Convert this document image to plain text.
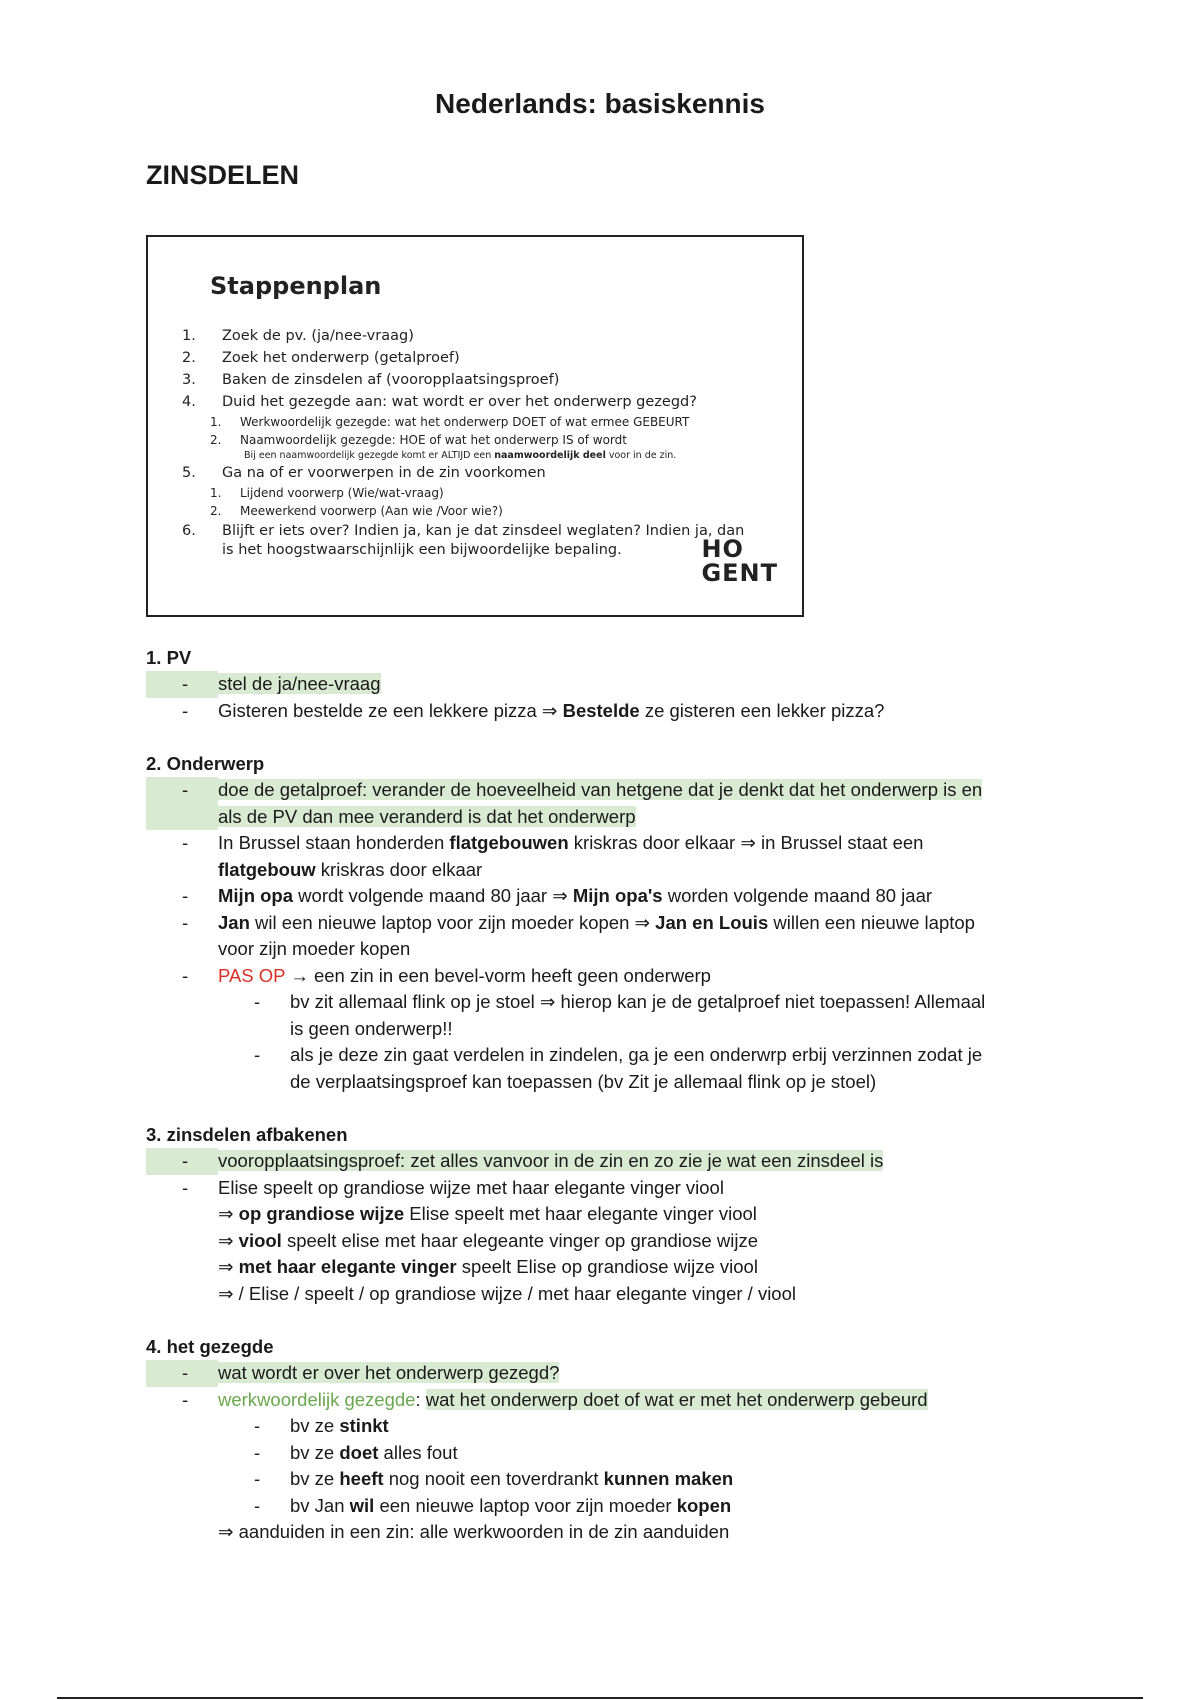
Nederlands: basiskennis
ZINSDELEN
Stappenplan
1.	Zoek de pv. (ja/nee-vraag)
2.	Zoek het onderwerp (getalproef)
3.	Baken de zinsdelen af (vooropplaatsingsproef)
4.	Duid het gezegde aan: wat wordt er over het onderwerp gezegd?
1.	Werkwoordelijk gezegde: wat het onderwerp DOET of wat ermee GEBEURT
2.	Naamwoordelijk gezegde: HOE of wat het onderwerp IS of wordt
Bij een naamwoordelijk gezegde komt er ALTIJD een naamwoordelijk deel voor in de zin.
5.	Ga na of er voorwerpen in de zin voorkomen
1.	Lijdend voorwerp (Wie/wat-vraag)
2.	Meewerkend voorwerp (Aan wie /Voor wie?)
6.	Blijft er iets over? Indien ja, kan je dat zinsdeel weglaten? Indien ja, dan
is het hoogstwaarschijnlijk een bijwoordelijke bepaling.	HO
GENT
1. PV
-	stel de ja/nee-vraag
-	Gisteren bestelde ze een lekkere pizza ⇒ Bestelde ze gisteren een lekker pizza?
2. Onderwerp
-	doe de getalproef: verander de hoeveelheid van hetgene dat je denkt dat het onderwerp is en
als de PV dan mee veranderd is dat het onderwerp
-	In Brussel staan honderden flatgebouwen kriskras door elkaar ⇒ in Brussel staat een
flatgebouw kriskras door elkaar
-	Mijn opa wordt volgende maand 80 jaar ⇒ Mijn opa's worden volgende maand 80 jaar
-	Jan wil een nieuwe laptop voor zijn moeder kopen ⇒ Jan en Louis willen een nieuwe laptop
voor zijn moeder kopen
-	PAS OP → een zin in een bevel-vorm heeft geen onderwerp
-	bv zit allemaal flink op je stoel ⇒ hierop kan je de getalproef niet toepassen! Allemaal
is geen onderwerp!!
-	als je deze zin gaat verdelen in zindelen, ga je een onderwrp erbij verzinnen zodat je
de verplaatsingsproef kan toepassen (bv Zit je allemaal flink op je stoel)
3. zinsdelen afbakenen
-	vooropplaatsingsproef: zet alles vanvoor in de zin en zo zie je wat een zinsdeel is
-	Elise speelt op grandiose wijze met haar elegante vinger viool
⇒ op grandiose wijze Elise speelt met haar elegante vinger viool
⇒ viool speelt elise met haar elegeante vinger op grandiose wijze
⇒ met haar elegante vinger speelt Elise op grandiose wijze viool
⇒ / Elise / speelt / op grandiose wijze / met haar elegante vinger / viool
4. het gezegde
-	wat wordt er over het onderwerp gezegd?
-	werkwoordelijk gezegde: wat het onderwerp doet of wat er met het onderwerp gebeurd
-	bv ze stinkt
-	bv ze doet alles fout
-	bv ze heeft nog nooit een toverdrankt kunnen maken
-	bv Jan wil een nieuwe laptop voor zijn moeder kopen
⇒ aanduiden in een zin: alle werkwoorden in de zin aanduiden
